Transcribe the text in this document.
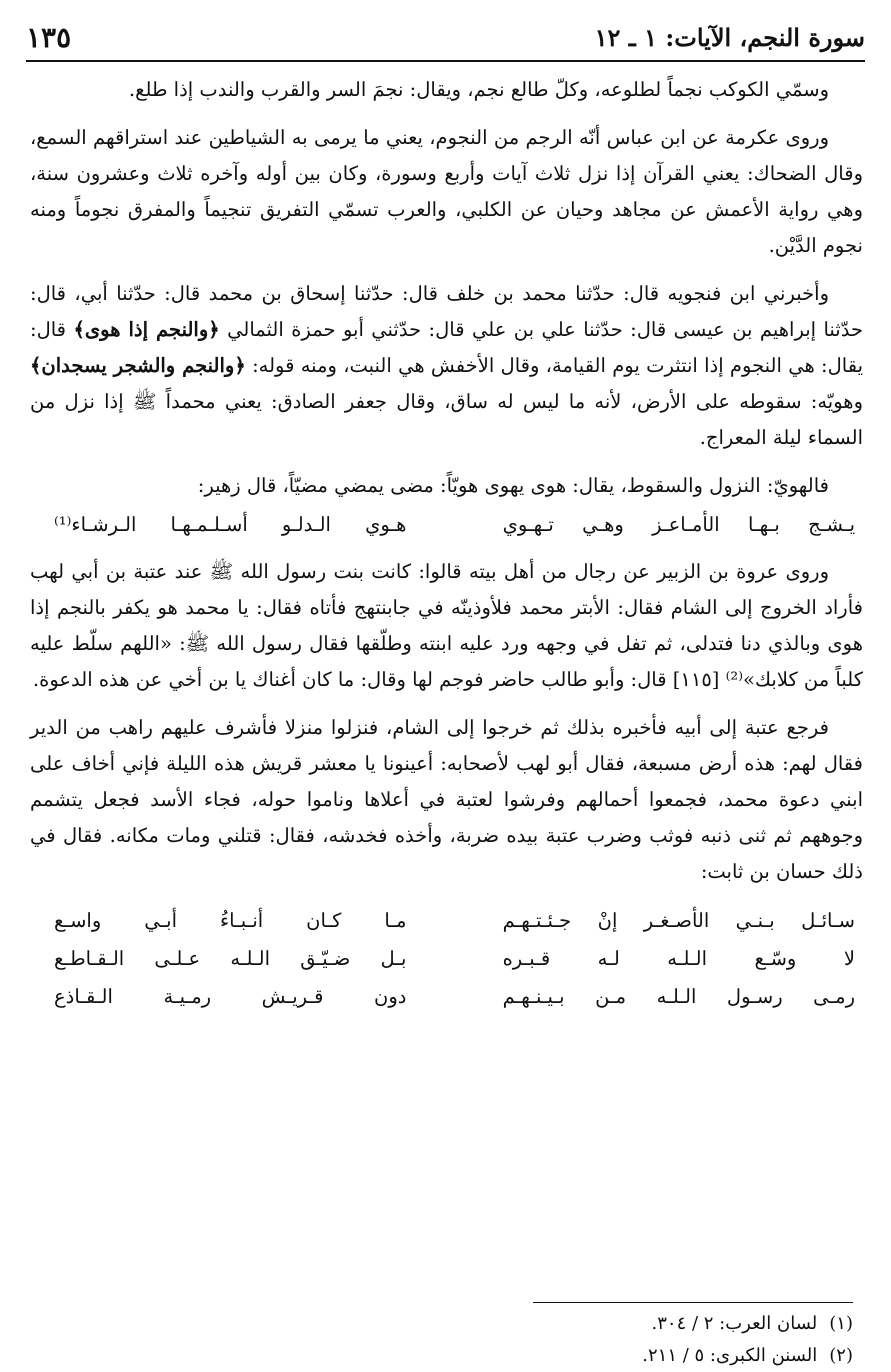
سورة النجم، الآيات: ١ ـ ١٢
١٣٥

وسمّي الكوكب نجماً لطلوعه، وكلّ طالع نجم، ويقال: نجمَ السر والقرب والندب إذا طلع.

وروى عكرمة عن ابن عباس أنّه الرجم من النجوم، يعني ما يرمى به الشياطين عند استراقهم السمع، وقال الضحاك: يعني القرآن إذا نزل ثلاث آيات وأربع وسورة، وكان بين أوله وآخره ثلاث وعشرون سنة، وهي رواية الأعمش عن مجاهد وحيان عن الكلبي، والعرب تسمّي التفريق تنجيماً والمفرق نجوماً ومنه نجوم الدَّيْن.

وأخبرني ابن فنجويه قال: حدّثنا محمد بن خلف قال: حدّثنا إسحاق بن محمد قال: حدّثنا أبي، قال: حدّثنا إبراهيم بن عيسى قال: حدّثنا علي بن علي قال: حدّثني أبو حمزة الثمالي ﴿والنجم إذا هوى﴾ قال: يقال: هي النجوم إذا انتثرت يوم القيامة، وقال الأخفش هي النبت، ومنه قوله: ﴿والنجم والشجر يسجدان﴾ وهويّه: سقوطه على الأرض، لأنه ما ليس له ساق، وقال جعفر الصادق: يعني محمداً ﷺ إذا نزل من السماء ليلة المعراج.

فالهويّ: النزول والسقوط، يقال: هوى يهوى هويّاً: مضى يمضي مضيّاً، قال زهير:

يـشـج بـهـا الأمـاعـز وهـي تـهـوي
هـوي الـدلـو أسـلـمـهـا الـرشـاء⁽¹⁾

وروى عروة بن الزبير عن رجال من أهل بيته قالوا: كانت بنت رسول الله ﷺ عند عتبة بن أبي لهب فأراد الخروج إلى الشام فقال: الأبتر محمد فلأوذينّه في جابنتهج فأتاه فقال: يا محمد هو يكفر بالنجم إذا هوى وبالذي دنا فتدلى، ثم تفل في وجهه ورد عليه ابنته وطلّقها فقال رسول الله ﷺ: «اللهم سلّط عليه كلباً من كلابك»⁽²⁾ [١١٥] قال: وأبو طالب حاضر فوجم لها وقال: ما كان أغناك يا بن أخي عن هذه الدعوة.

فرجع عتبة إلى أبيه فأخبره بذلك ثم خرجوا إلى الشام، فنزلوا منزلا فأشرف عليهم راهب من الدير فقال لهم: هذه أرض مسبعة، فقال أبو لهب لأصحابه: أعينونا يا معشر قريش هذه الليلة فإني أخاف على ابني دعوة محمد، فجمعوا أحمالهم وفرشوا لعتبة في أعلاها وناموا حوله، فجاء الأسد فجعل يتشمم وجوههم ثم ثنى ذنبه فوثب وضرب عتبة بيده ضربة، وأخذه فخدشه، فقال: قتلني ومات مكانه. فقال في ذلك حسان بن ثابت:

سـائـل بـنـي الأصـغـر إنْ جـئـتـهـم
مـا كـان أنـبـاءُ أبـي واسـع
لا وسّـع الـلـه لـه قـبـره
بـل ضـيّـق الـلـه عـلـى الـقـاطـع
رمـى رسـول الـلـه مـن بـيـنـهـم
دون قـريـش رمـيـة الـقـاذع
(١)
لسان العرب: ٢ / ٣٠٤.
(٢)
السنن الكبرى: ٥ / ٢١١.
